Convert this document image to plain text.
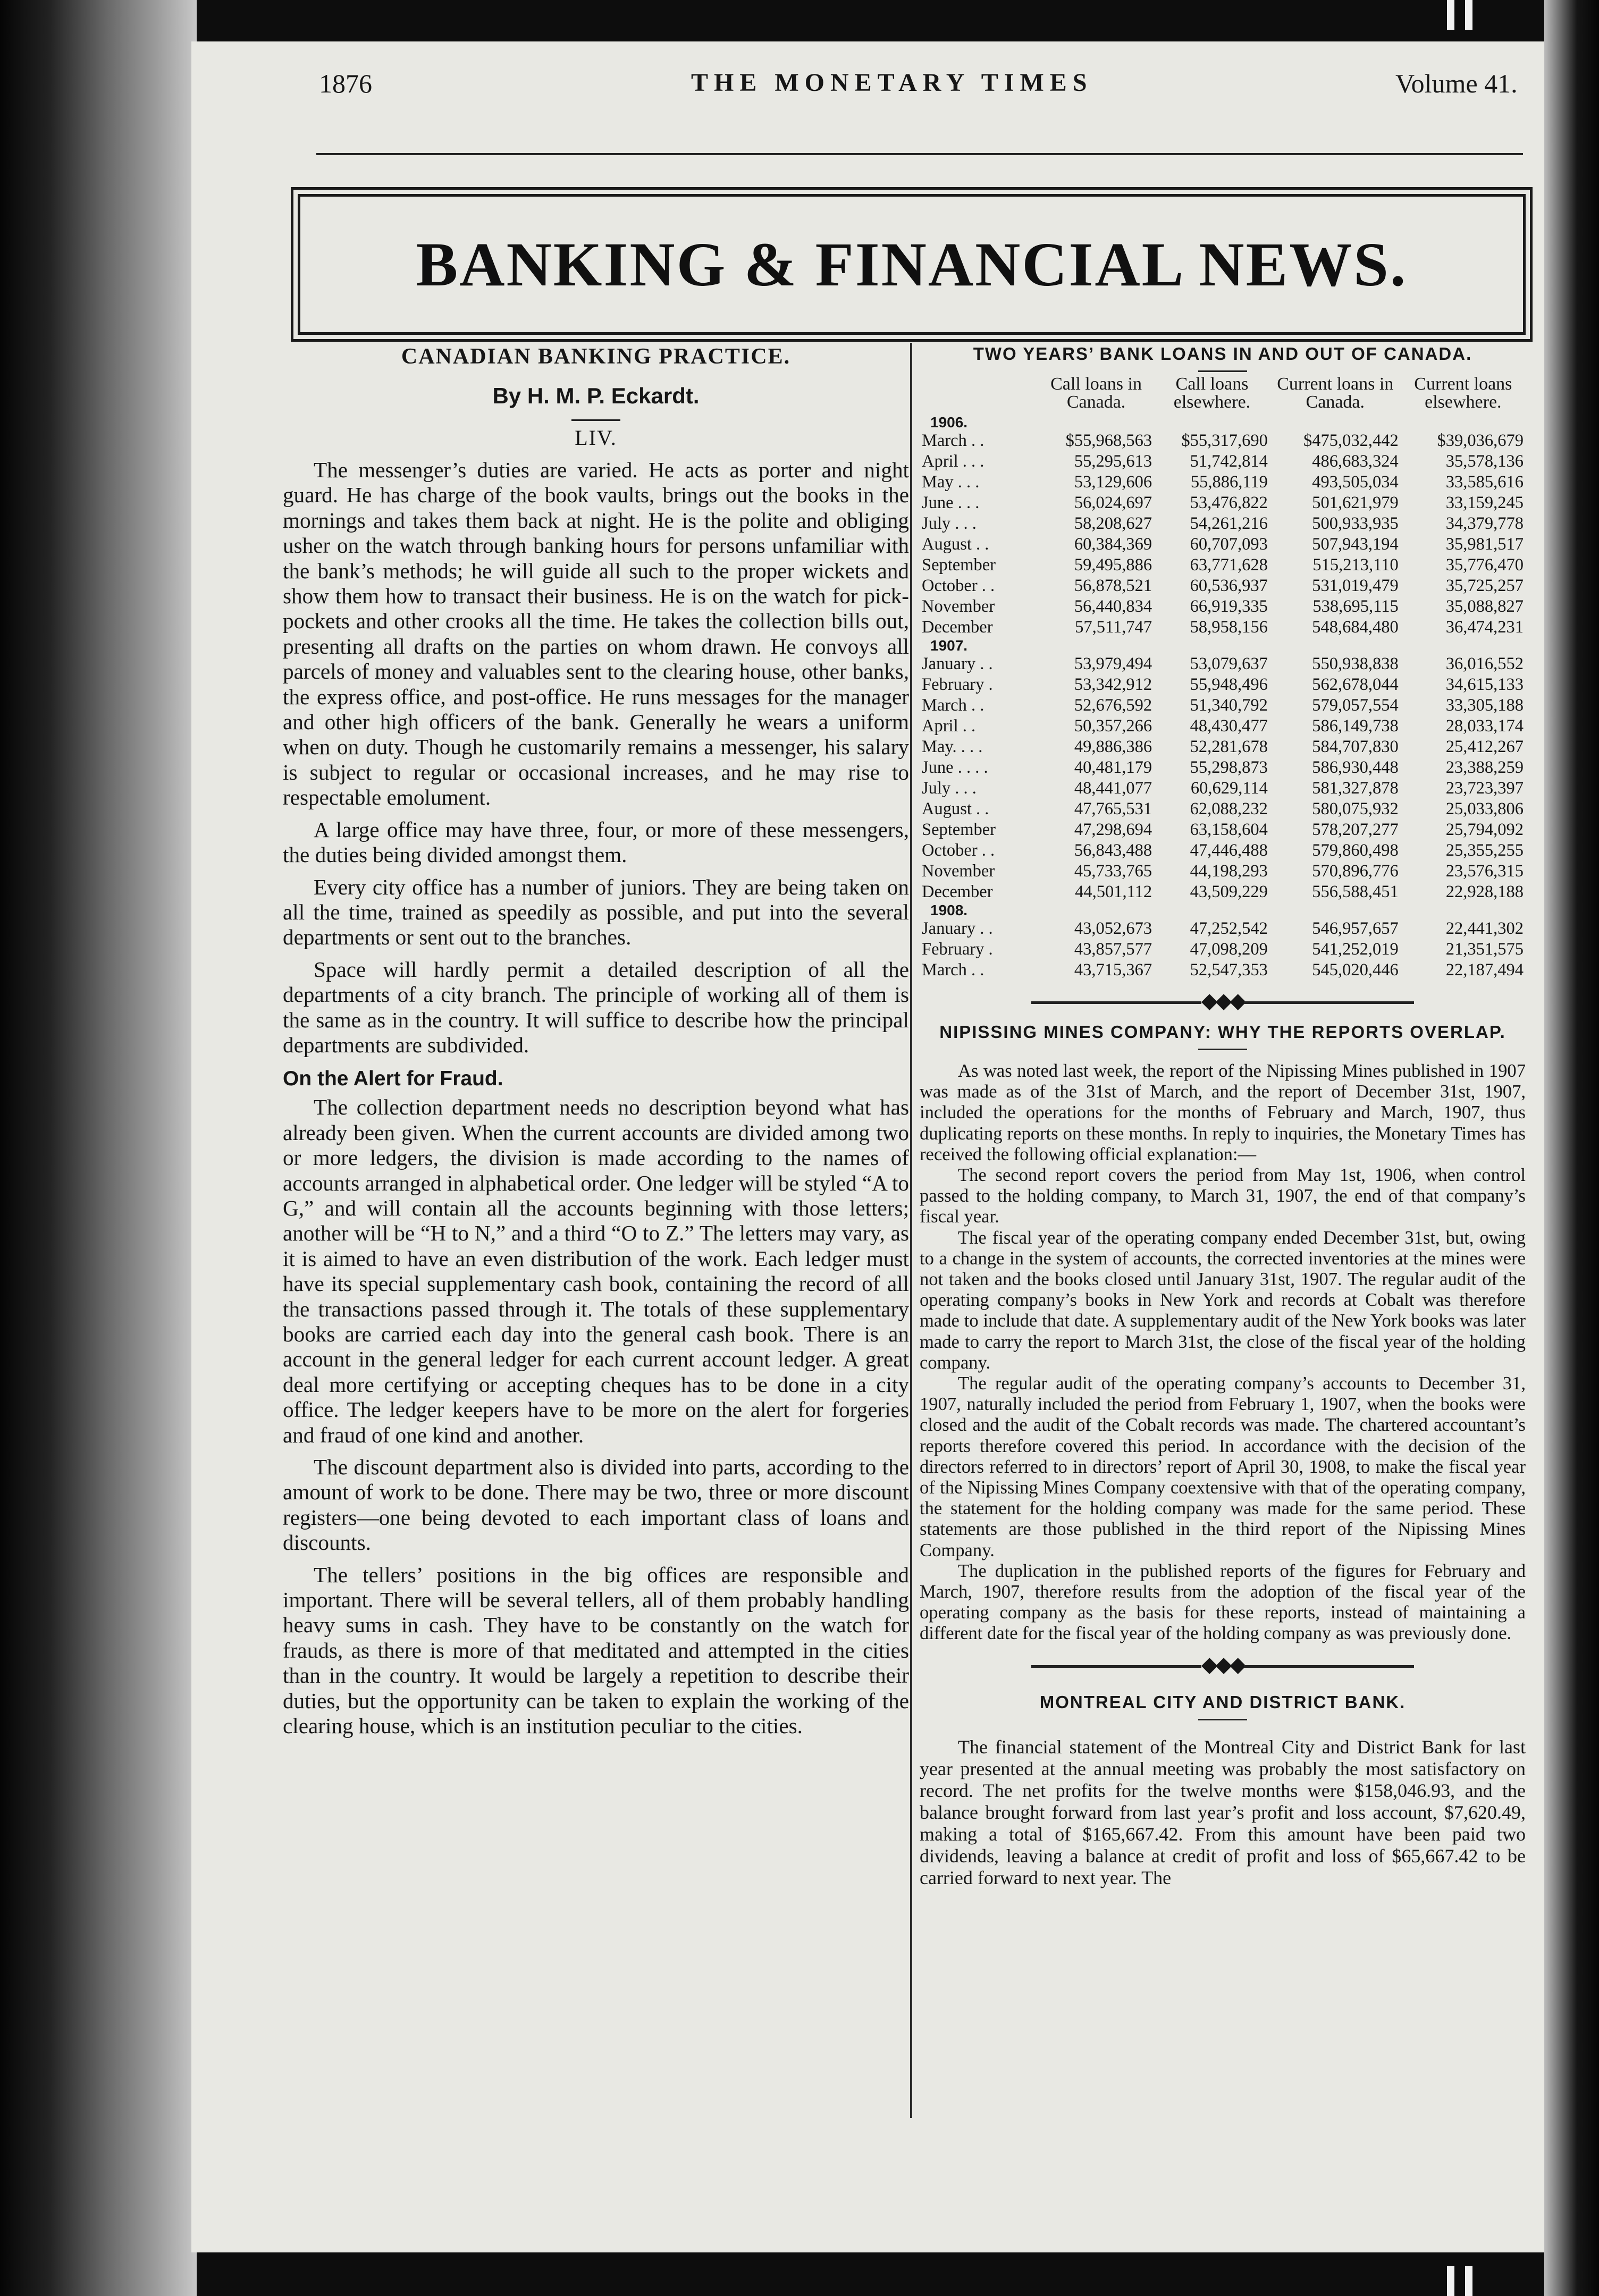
1876	THE MONETARY TIMES	Volume 41.
BANKING & FINANCIAL NEWS.
CANADIAN BANKING PRACTICE.
By H. M. P. Eckardt.
LIV.

The messenger’s duties are varied. He acts as porter and night guard. He has charge of the book vaults, brings out the books in the mornings and takes them back at night. He is the polite and obliging usher on the watch through banking hours for persons unfamiliar with the bank’s methods; he will guide all such to the proper wickets and show them how to transact their business. He is on the watch for pick-pockets and other crooks all the time. He takes the collection bills out, presenting all drafts on the parties on whom drawn. He convoys all parcels of money and valuables sent to the clearing house, other banks, the express office, and post-office. He runs messages for the manager and other high officers of the bank. Generally he wears a uniform when on duty. Though he customarily remains a messenger, his salary is subject to regular or occasional increases, and he may rise to respectable emolument.

A large office may have three, four, or more of these messengers, the duties being divided amongst them.

Every city office has a number of juniors. They are being taken on all the time, trained as speedily as possible, and put into the several departments or sent out to the branches.

Space will hardly permit a detailed description of all the departments of a city branch. The principle of working all of them is the same as in the country. It will suffice to describe how the principal departments are subdivided.

On the Alert for Fraud.

The collection department needs no description beyond what has already been given. When the current accounts are divided among two or more ledgers, the division is made according to the names of accounts arranged in alphabetical order. One ledger will be styled “A to G,” and will contain all the accounts beginning with those letters; another will be “H to N,” and a third “O to Z.” The letters may vary, as it is aimed to have an even distribution of the work. Each ledger must have its special supplementary cash book, containing the record of all the transactions passed through it. The totals of these supplementary books are carried each day into the general cash book. There is an account in the general ledger for each current account ledger. A great deal more certifying or accepting cheques has to be done in a city office. The ledger keepers have to be more on the alert for forgeries and fraud of one kind and another.

The discount department also is divided into parts, according to the amount of work to be done. There may be two, three or more discount registers—one being devoted to each important class of loans and discounts.

The tellers’ positions in the big offices are responsible and important. There will be several tellers, all of them probably handling heavy sums in cash. They have to be constantly on the watch for frauds, as there is more of that meditated and attempted in the cities than in the country. It would be largely a repetition to describe their duties, but the opportunity can be taken to explain the working of the clearing house, which is an institution peculiar to the cities.

TWO YEARS’ BANK LOANS IN AND OUT OF CANADA.
	Call loans in Canada.	Call loans elsewhere.	Current loans in Canada.	Current loans elsewhere.
1906.				
March . .	$55,968,563	$55,317,690	$475,032,442	$39,036,679
April . . .	55,295,613	51,742,814	486,683,324	35,578,136
May . . .	53,129,606	55,886,119	493,505,034	33,585,616
June . . .	56,024,697	53,476,822	501,621,979	33,159,245
July . . .	58,208,627	54,261,216	500,933,935	34,379,778
August . .	60,384,369	60,707,093	507,943,194	35,981,517
September	59,495,886	63,771,628	515,213,110	35,776,470
October . .	56,878,521	60,536,937	531,019,479	35,725,257
November	56,440,834	66,919,335	538,695,115	35,088,827
December	57,511,747	58,958,156	548,684,480	36,474,231
1907.				
January . .	53,979,494	53,079,637	550,938,838	36,016,552
February .	53,342,912	55,948,496	562,678,044	34,615,133
March . .	52,676,592	51,340,792	579,057,554	33,305,188
April . .	50,357,266	48,430,477	586,149,738	28,033,174
May. . . .	49,886,386	52,281,678	584,707,830	25,412,267
June . . . .	40,481,179	55,298,873	586,930,448	23,388,259
July . . .	48,441,077	60,629,114	581,327,878	23,723,397
August . .	47,765,531	62,088,232	580,075,932	25,033,806
September	47,298,694	63,158,604	578,207,277	25,794,092
October . .	56,843,488	47,446,488	579,860,498	25,355,255
November	45,733,765	44,198,293	570,896,776	23,576,315
December	44,501,112	43,509,229	556,588,451	22,928,188
1908.				
January . .	43,052,673	47,252,542	546,957,657	22,441,302
February .	43,857,577	47,098,209	541,252,019	21,351,575
March . .	43,715,367	52,547,353	545,020,446	22,187,494
◆◆◆
NIPISSING MINES COMPANY: WHY THE REPORTS OVERLAP.

As was noted last week, the report of the Nipissing Mines published in 1907 was made as of the 31st of March, and the report of December 31st, 1907, included the operations for the months of February and March, 1907, thus duplicating reports on these months. In reply to inquiries, the Monetary Times has received the following official explanation:—

The second report covers the period from May 1st, 1906, when control passed to the holding company, to March 31, 1907, the end of that company’s fiscal year.

The fiscal year of the operating company ended December 31st, but, owing to a change in the system of accounts, the corrected inventories at the mines were not taken and the books closed until January 31st, 1907. The regular audit of the operating company’s books in New York and records at Cobalt was therefore made to include that date. A supplementary audit of the New York books was later made to carry the report to March 31st, the close of the fiscal year of the holding company.

The regular audit of the operating company’s accounts to December 31, 1907, naturally included the period from February 1, 1907, when the books were closed and the audit of the Cobalt records was made. The chartered accountant’s reports therefore covered this period. In accordance with the decision of the directors referred to in directors’ report of April 30, 1908, to make the fiscal year of the Nipissing Mines Company coextensive with that of the operating company, the statement for the holding company was made for the same period. These statements are those published in the third report of the Nipissing Mines Company.

The duplication in the published reports of the figures for February and March, 1907, therefore results from the adoption of the fiscal year of the operating company as the basis for these reports, instead of maintaining a different date for the fiscal year of the holding company as was previously done.

◆◆◆
MONTREAL CITY AND DISTRICT BANK.

The financial statement of the Montreal City and District Bank for last year presented at the annual meeting was probably the most satisfactory on record. The net profits for the twelve months were $158,046.93, and the balance brought forward from last year’s profit and loss account, $7,620.49, making a total of $165,667.42. From this amount have been paid two dividends, leaving a balance at credit of profit and loss of $65,667.42 to be carried forward to next year. The
